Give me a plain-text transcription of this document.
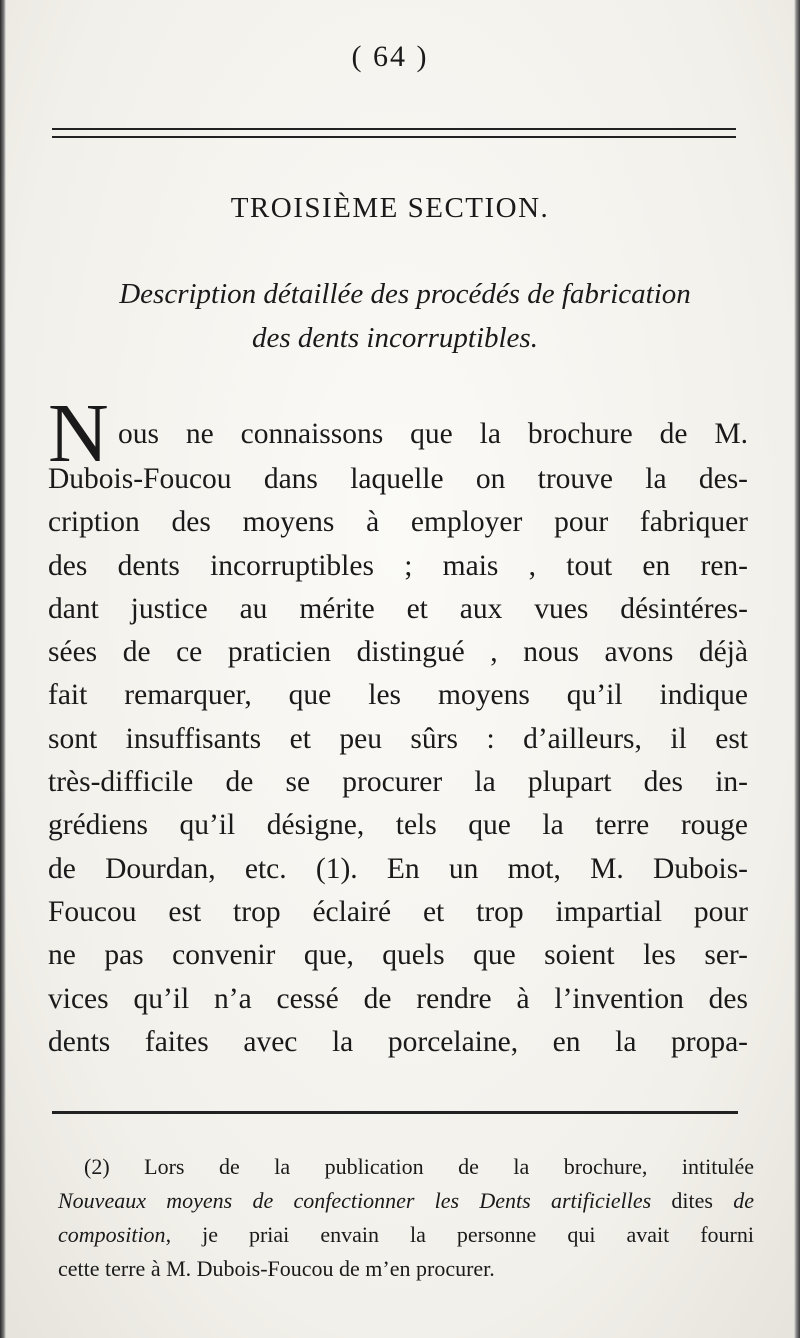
( 64 )
TROISIÈME SECTION.
Description détaillée des procédés de fabrication
des dents incorruptibles.
N ous ne connaissons que la brochure de M.
Dubois-Foucou dans laquelle on trouve la des-
cription des moyens à employer pour fabriquer
des dents incorruptibles ; mais , tout en ren-
dant justice au mérite et aux vues désintéres-
sées de ce praticien distingué , nous avons déjà
fait remarquer, que les moyens qu’il indique
sont insuffisants et peu sûrs : d’ailleurs, il est
très-difficile de se procurer la plupart des in-
grédiens qu’il désigne, tels que la terre rouge
de Dourdan, etc. (1). En un mot, M. Dubois-
Foucou est trop éclairé et trop impartial pour
ne pas convenir que, quels que soient les ser-
vices qu’il n’a cessé de rendre à l’invention des
dents faites avec la porcelaine, en la propa-
(2) Lors de la publication de la brochure, intitulée
Nouveaux moyens de confectionner les Dents artificielles dites de
composition, je priai envain la personne qui avait fourni
cette terre à M. Dubois-Foucou de m’en procurer.
